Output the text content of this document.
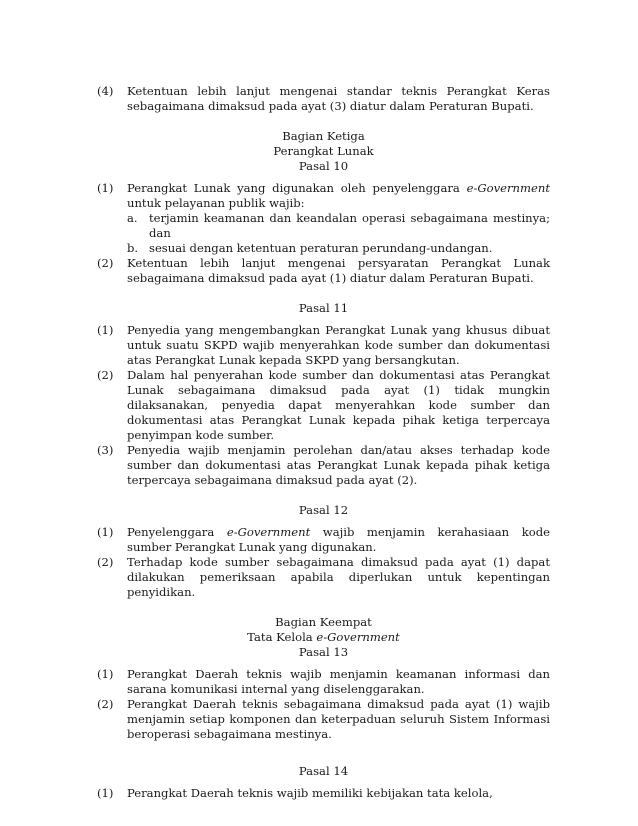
(4)	Ketentuan lebih lanjut mengenai standar teknis Perangkat Keras sebagaimana dimaksud pada ayat (3) diatur dalam Peraturan Bupati.
Bagian Ketiga
Perangkat Lunak
Pasal 10
(1)	Perangkat Lunak yang digunakan oleh penyelenggara e-Government untuk pelayanan publik wajib:
a. terjamin keamanan dan keandalan operasi sebagaimana mestinya; dan
b. sesuai dengan ketentuan peraturan perundang-undangan.
(2)	Ketentuan lebih lanjut mengenai persyaratan Perangkat Lunak sebagaimana dimaksud pada ayat (1) diatur dalam Peraturan Bupati.
Pasal 11
(1)	Penyedia yang mengembangkan Perangkat Lunak yang khusus dibuat untuk suatu SKPD wajib menyerahkan kode sumber dan dokumentasi atas Perangkat Lunak kepada SKPD yang bersangkutan.
(2)	Dalam hal penyerahan kode sumber dan dokumentasi atas Perangkat Lunak sebagaimana dimaksud pada ayat (1) tidak mungkin dilaksanakan, penyedia dapat menyerahkan kode sumber dan dokumentasi atas Perangkat Lunak kepada pihak ketiga terpercaya penyimpan kode sumber.
(3)	Penyedia wajib menjamin perolehan dan/atau akses terhadap kode sumber dan dokumentasi atas Perangkat Lunak kepada pihak ketiga terpercaya sebagaimana dimaksud pada ayat (2).
Pasal 12
(1)	Penyelenggara e-Government wajib menjamin kerahasiaan kode sumber Perangkat Lunak yang digunakan.
(2)	Terhadap kode sumber sebagaimana dimaksud pada ayat (1) dapat dilakukan pemeriksaan apabila diperlukan untuk kepentingan penyidikan.
Bagian Keempat
Tata Kelola e-Government
Pasal 13
(1)	Perangkat Daerah teknis wajib menjamin keamanan informasi dan sarana komunikasi internal yang diselenggarakan.
(2)	Perangkat Daerah teknis sebagaimana dimaksud pada ayat (1) wajib menjamin setiap komponen dan keterpaduan seluruh Sistem Informasi beroperasi sebagaimana mestinya.
Pasal 14
(1)	Perangkat Daerah teknis wajib memiliki kebijakan tata kelola,
